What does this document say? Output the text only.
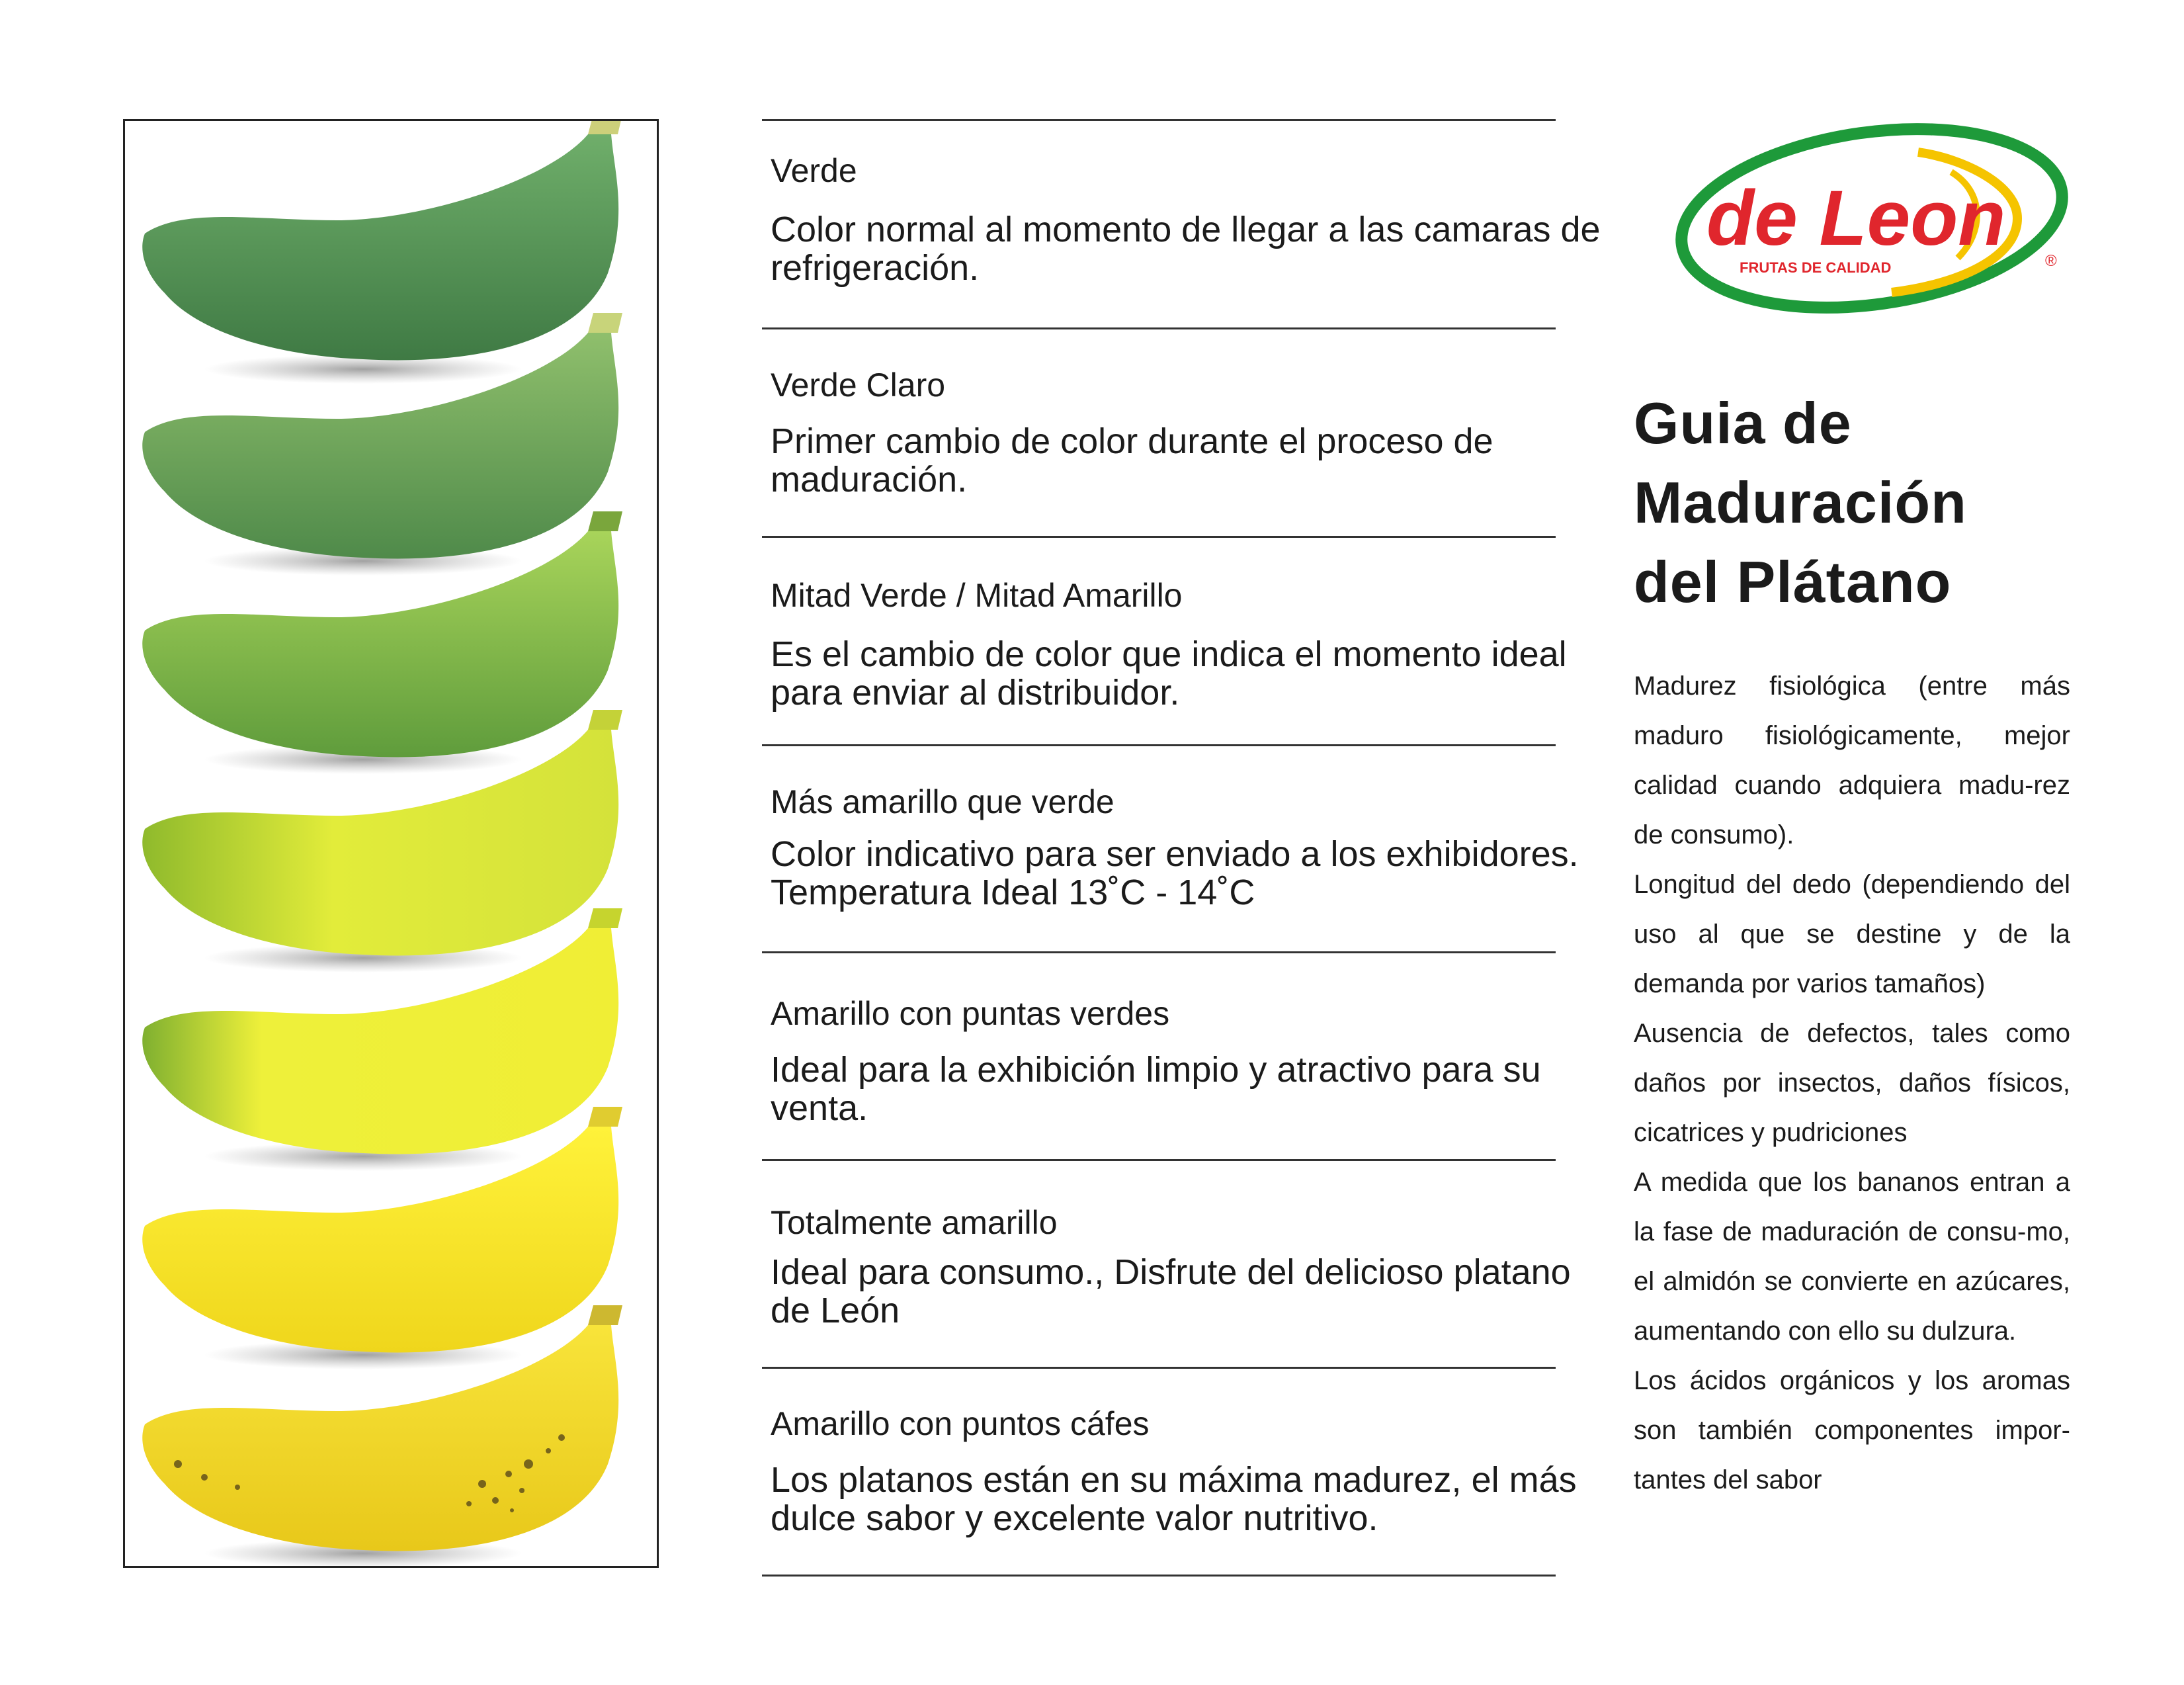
Verde
Color normal al momento de llegar a las camaras de refrigeración.
Verde Claro
Primer cambio de color durante el proceso de maduración.
Mitad Verde / Mitad Amarillo
Es el cambio de color que indica el momento ideal para enviar al distribuidor.
Más amarillo que verde
Color indicativo para ser enviado a los exhibidores. Temperatura Ideal 13˚C - 14˚C
Amarillo con puntas verdes
Ideal para la exhibición limpio y atractivo para su venta.
Totalmente amarillo
Ideal para consumo., Disfrute del delicioso platano de León
Amarillo con puntos cáfes
Los platanos están en su máxima madurez, el más dulce sabor y excelente valor nutritivo.
de Leon
FRUTAS DE CALIDAD	®
Guia de
Maduración
del Plátano

Madurez fisiológica (entre más maduro fisiológicamente, mejor calidad cuando adquiera madu-rez de consumo).

Longitud del dedo (dependiendo del uso al que se destine y de la demanda por varios tamaños)

Ausencia de defectos, tales como daños por insectos, daños físicos, cicatrices y pudriciones

A medida que los bananos entran a la fase de maduración de consu-mo, el almidón se convierte en azúcares, aumentando con ello su dulzura.

Los ácidos orgánicos y los aromas son también componentes impor-tantes del sabor
